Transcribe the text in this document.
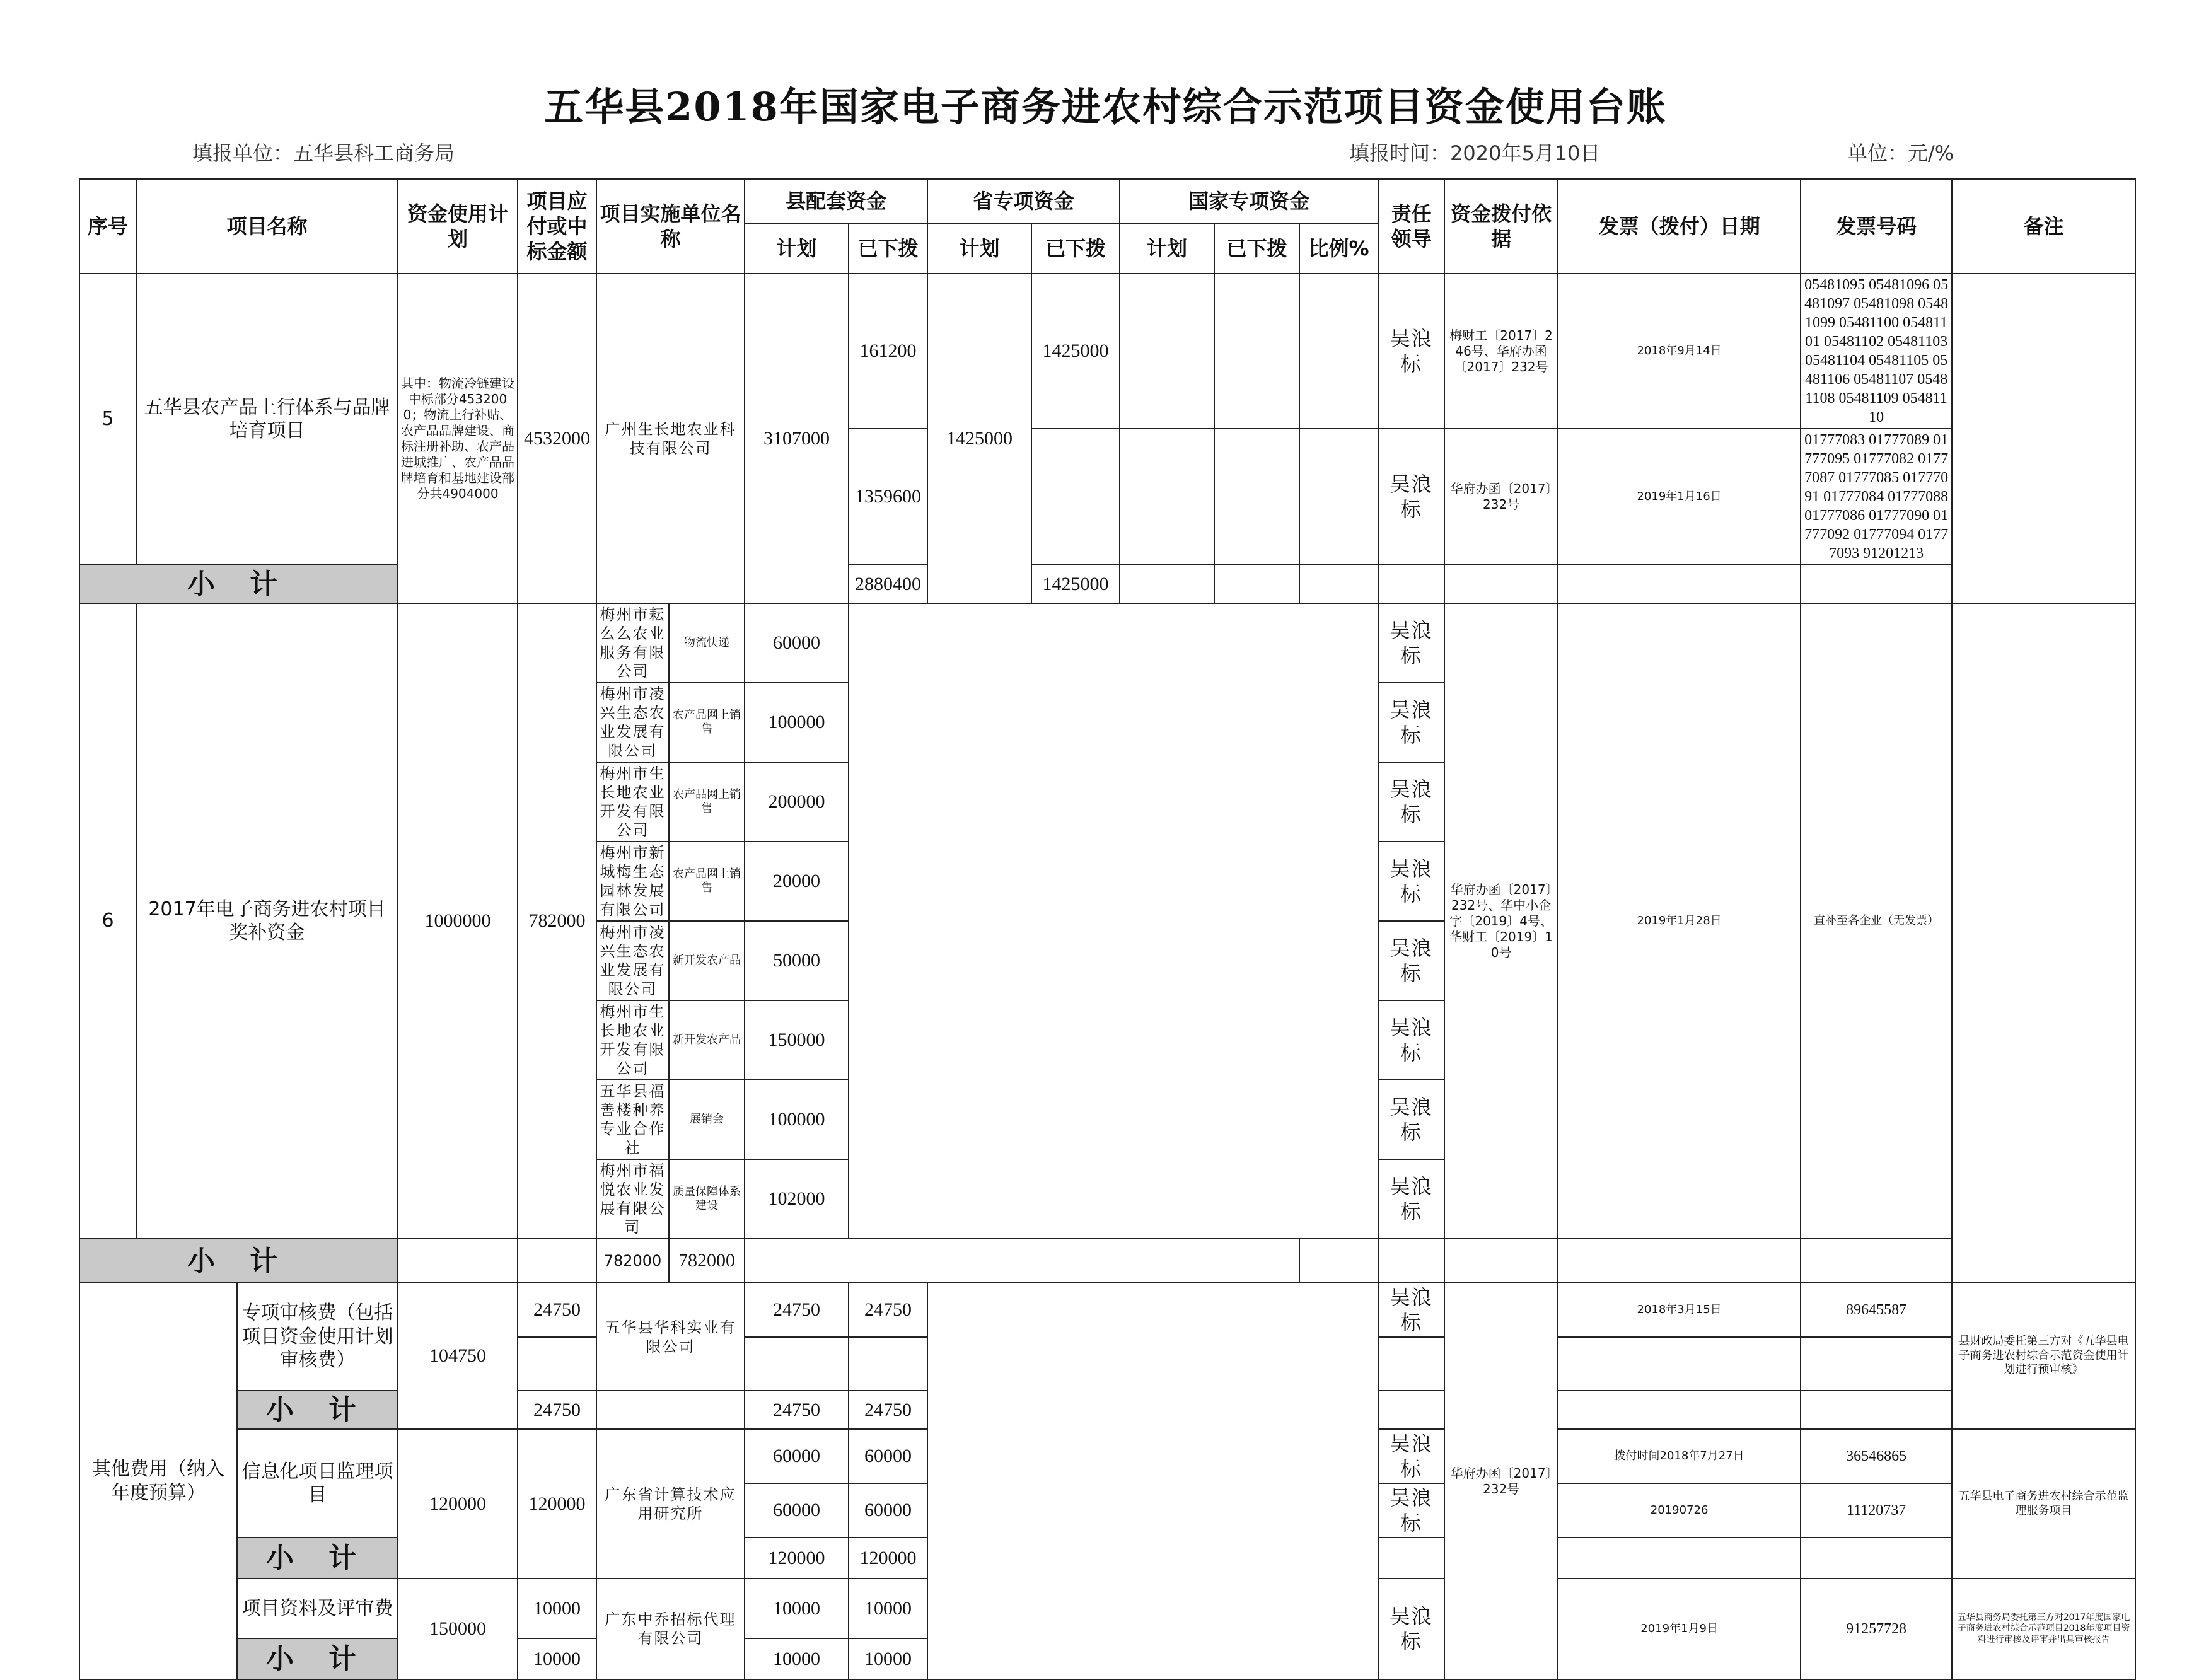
五华县2018年国家电子商务进农村综合示范项目资金使用台账
填报单位：五华县科工商务局	填报时间：2020年5月10日	单位：元/%
序号	项目名称		资金使用计划	项目应付或中标金额	项目实施单位名称		县配套资金		省专项资金		国家专项资金			责任领导	资金拨付依据	发票（拨付）日期	发票号码	备注
							计划	已下拨	计划	已下拨	计划	已下拨	比例%					
5	五华县农产品上行体系与品牌培育项目		其中：物流冷链建设中标部分4532000；物流上行补贴、农产品品牌建设、商标注册补助、农产品进城推广、农产品品牌培育和基地建设部分共4904000	4532000	广州生长地农业科技有限公司		3107000	161200	1425000	1425000				吴浪标	梅财工〔2017〕246号、华府办函〔2017〕232号	2018年9月14日	05481095 05481096 05481097 05481098 05481099 05481100 05481101 05481102 05481103 05481104 05481105 05481106 05481107 05481108 05481109 05481110	
								1359600						吴浪标	华府办函〔2017〕232号	2019年1月16日	01777083 01777089 01777095 01777082 01777087 01777085 01777091 01777084 01777088 01777086 01777090 01777092 01777094 01777093 91201213	
小 计								2880400		1425000								
6	2017年电子商务进农村项目奖补资金		1000000	782000	梅州市耘么么农业服务有限公司	物流快递	60000							吴浪标	华府办函〔2017〕232号、华中小企字〔2019〕4号、华财工〔2019〕10号	2019年1月28日	直补至各企业（无发票）	
					梅州市凌兴生态农业发展有限公司	农产品网上销售	100000							吴浪标				
					梅州市生长地农业开发有限公司	农产品网上销售	200000							吴浪标				
					梅州市新城梅生态园林发展有限公司	农产品网上销售	20000							吴浪标				
					梅州市凌兴生态农业发展有限公司	新开发农产品	50000							吴浪标				
					梅州市生长地农业开发有限公司	新开发农产品	150000							吴浪标				
					五华县福善楼种养专业合作社	展销会	100000							吴浪标				
					梅州市福悦农业发展有限公司	质量保障体系建设	102000							吴浪标				
小 计					782000	782000												
其他费用（纳入年度预算）		专项审核费（包括项目资金使用计划审核费）	104750	24750	五华县华科实业有限公司		24750	24750						吴浪标	华府办函〔2017〕232号	2018年3月15日	89645587	县财政局委托第三方对《五华县电子商务进农村综合示范资金使用计划进行预审核》

		小 计		24750			24750	24750										
		信息化项目监理项目	120000	120000	广东省计算技术应用研究所		60000	60000						吴浪标		拨付时间2018年7月27日	36546865	五华县电子商务进农村综合示范监理服务项目
							60000	60000						吴浪标		20190726	11120737	
		小 计					120000	120000										
		项目资料及评审费	150000	10000	广东中乔招标代理有限公司		10000	10000						吴浪标		2019年1月9日	91257728	五华县商务局委托第三方对2017年度国家电子商务进农村综合示范项目2018年度项目资料进行审核及评审并出具审核报告
		小 计		10000			10000	10000										
